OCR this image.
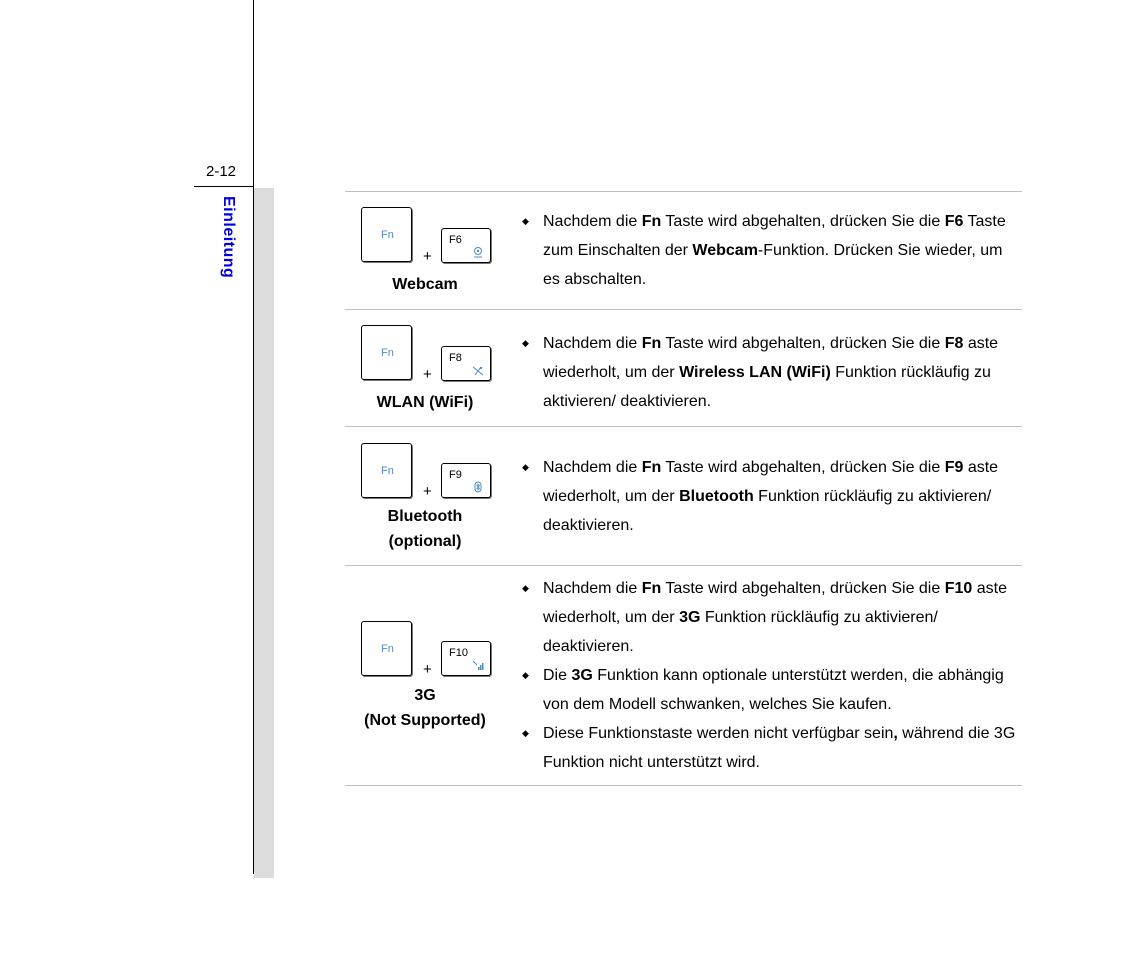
2-12
Einleitung	Fn
+
F6
Webcam
◆ Nachdem die Fn Taste wird abgehalten, drücken Sie die F6 Taste zum Einschalten der Webcam-Funktion. Drücken Sie wieder, um es abschalten.
Fn
+
F8
WLAN (WiFi)
◆ Nachdem die Fn Taste wird abgehalten, drücken Sie die F8 aste wiederholt, um der Wireless LAN (WiFi) Funktion rückläufig zu aktivieren/ deaktivieren.
Fn
+
F9
Bluetooth
(optional)
◆ Nachdem die Fn Taste wird abgehalten, drücken Sie die F9 aste wiederholt, um der Bluetooth Funktion rückläufig zu aktivieren/ deaktivieren.
Fn
+
F10
3G
(Not Supported)
◆ Nachdem die Fn Taste wird abgehalten, drücken Sie die F10 aste wiederholt, um der 3G Funktion rückläufig zu aktivieren/ deaktivieren.
◆ Die 3G Funktion kann optionale unterstützt werden, die abhängig von dem Modell schwanken, welches Sie kaufen.
◆ Diese Funktionstaste werden nicht verfügbar sein, während die 3G Funktion nicht unterstützt wird.
